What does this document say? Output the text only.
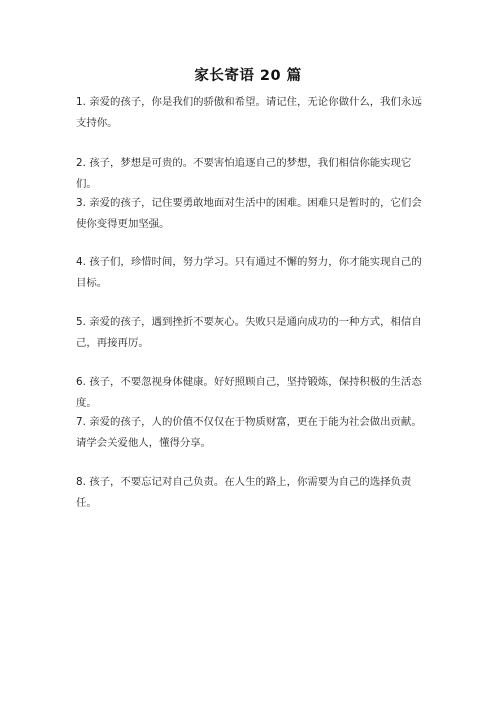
家长寄语 20 篇
1. 亲爱的孩子，你是我们的骄傲和希望。请记住，无论你做什么，我们永远支持你。
2. 孩子，梦想是可贵的。不要害怕追逐自己的梦想，我们相信你能实现它们。
3. 亲爱的孩子，记住要勇敢地面对生活中的困难。困难只是暂时的，它们会使你变得更加坚强。
4. 孩子们，珍惜时间，努力学习。只有通过不懈的努力，你才能实现自己的目标。
5. 亲爱的孩子，遇到挫折不要灰心。失败只是通向成功的一种方式，相信自己，再接再厉。
6. 孩子，不要忽视身体健康。好好照顾自己，坚持锻炼，保持积极的生活态度。
7. 亲爱的孩子，人的价值不仅仅在于物质财富，更在于能为社会做出贡献。请学会关爱他人，懂得分享。
8. 孩子，不要忘记对自己负责。在人生的路上，你需要为自己的选择负责任。
